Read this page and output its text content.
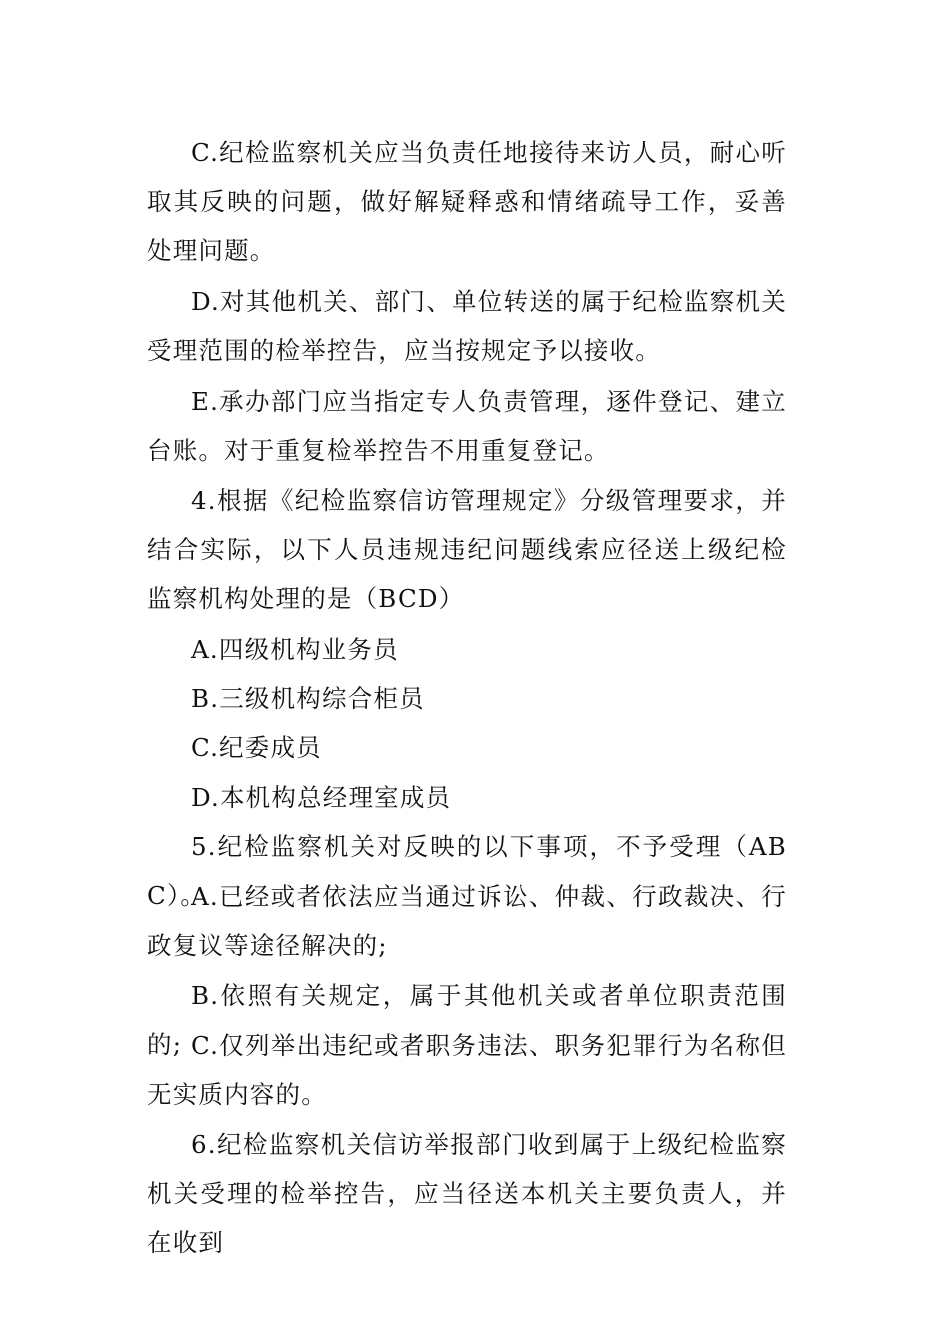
C.纪检监察机关应当负责任地接待来访人员，耐心听取其反映的问题，做好解疑释惑和情绪疏导工作，妥善处理问题。

D.对其他机关、部门、单位转送的属于纪检监察机关受理范围的检举控告，应当按规定予以接收。

E.承办部门应当指定专人负责管理，逐件登记、建立台账。对于重复检举控告不用重复登记。

4.根据《纪检监察信访管理规定》分级管理要求，并结合实际，以下人员违规违纪问题线索应径送上级纪检监察机构处理的是（BCD）

A.四级机构业务员

B.三级机构综合柜员

C.纪委成员

D.本机构总经理室成员

5.纪检监察机关对反映的以下事项，不予受理（ABC）。

A.已经或者依法应当通过诉讼、仲裁、行政裁决、行政复议等途径解决的;

B.依照有关规定，属于其他机关或者单位职责范围的; C.仅列举出违纪或者职务违法、职务犯罪行为名称但无实质内容的。

6.纪检监察机关信访举报部门收到属于上级纪检监察机关受理的检举控告，应当径送本机关主要负责人，并在收到
